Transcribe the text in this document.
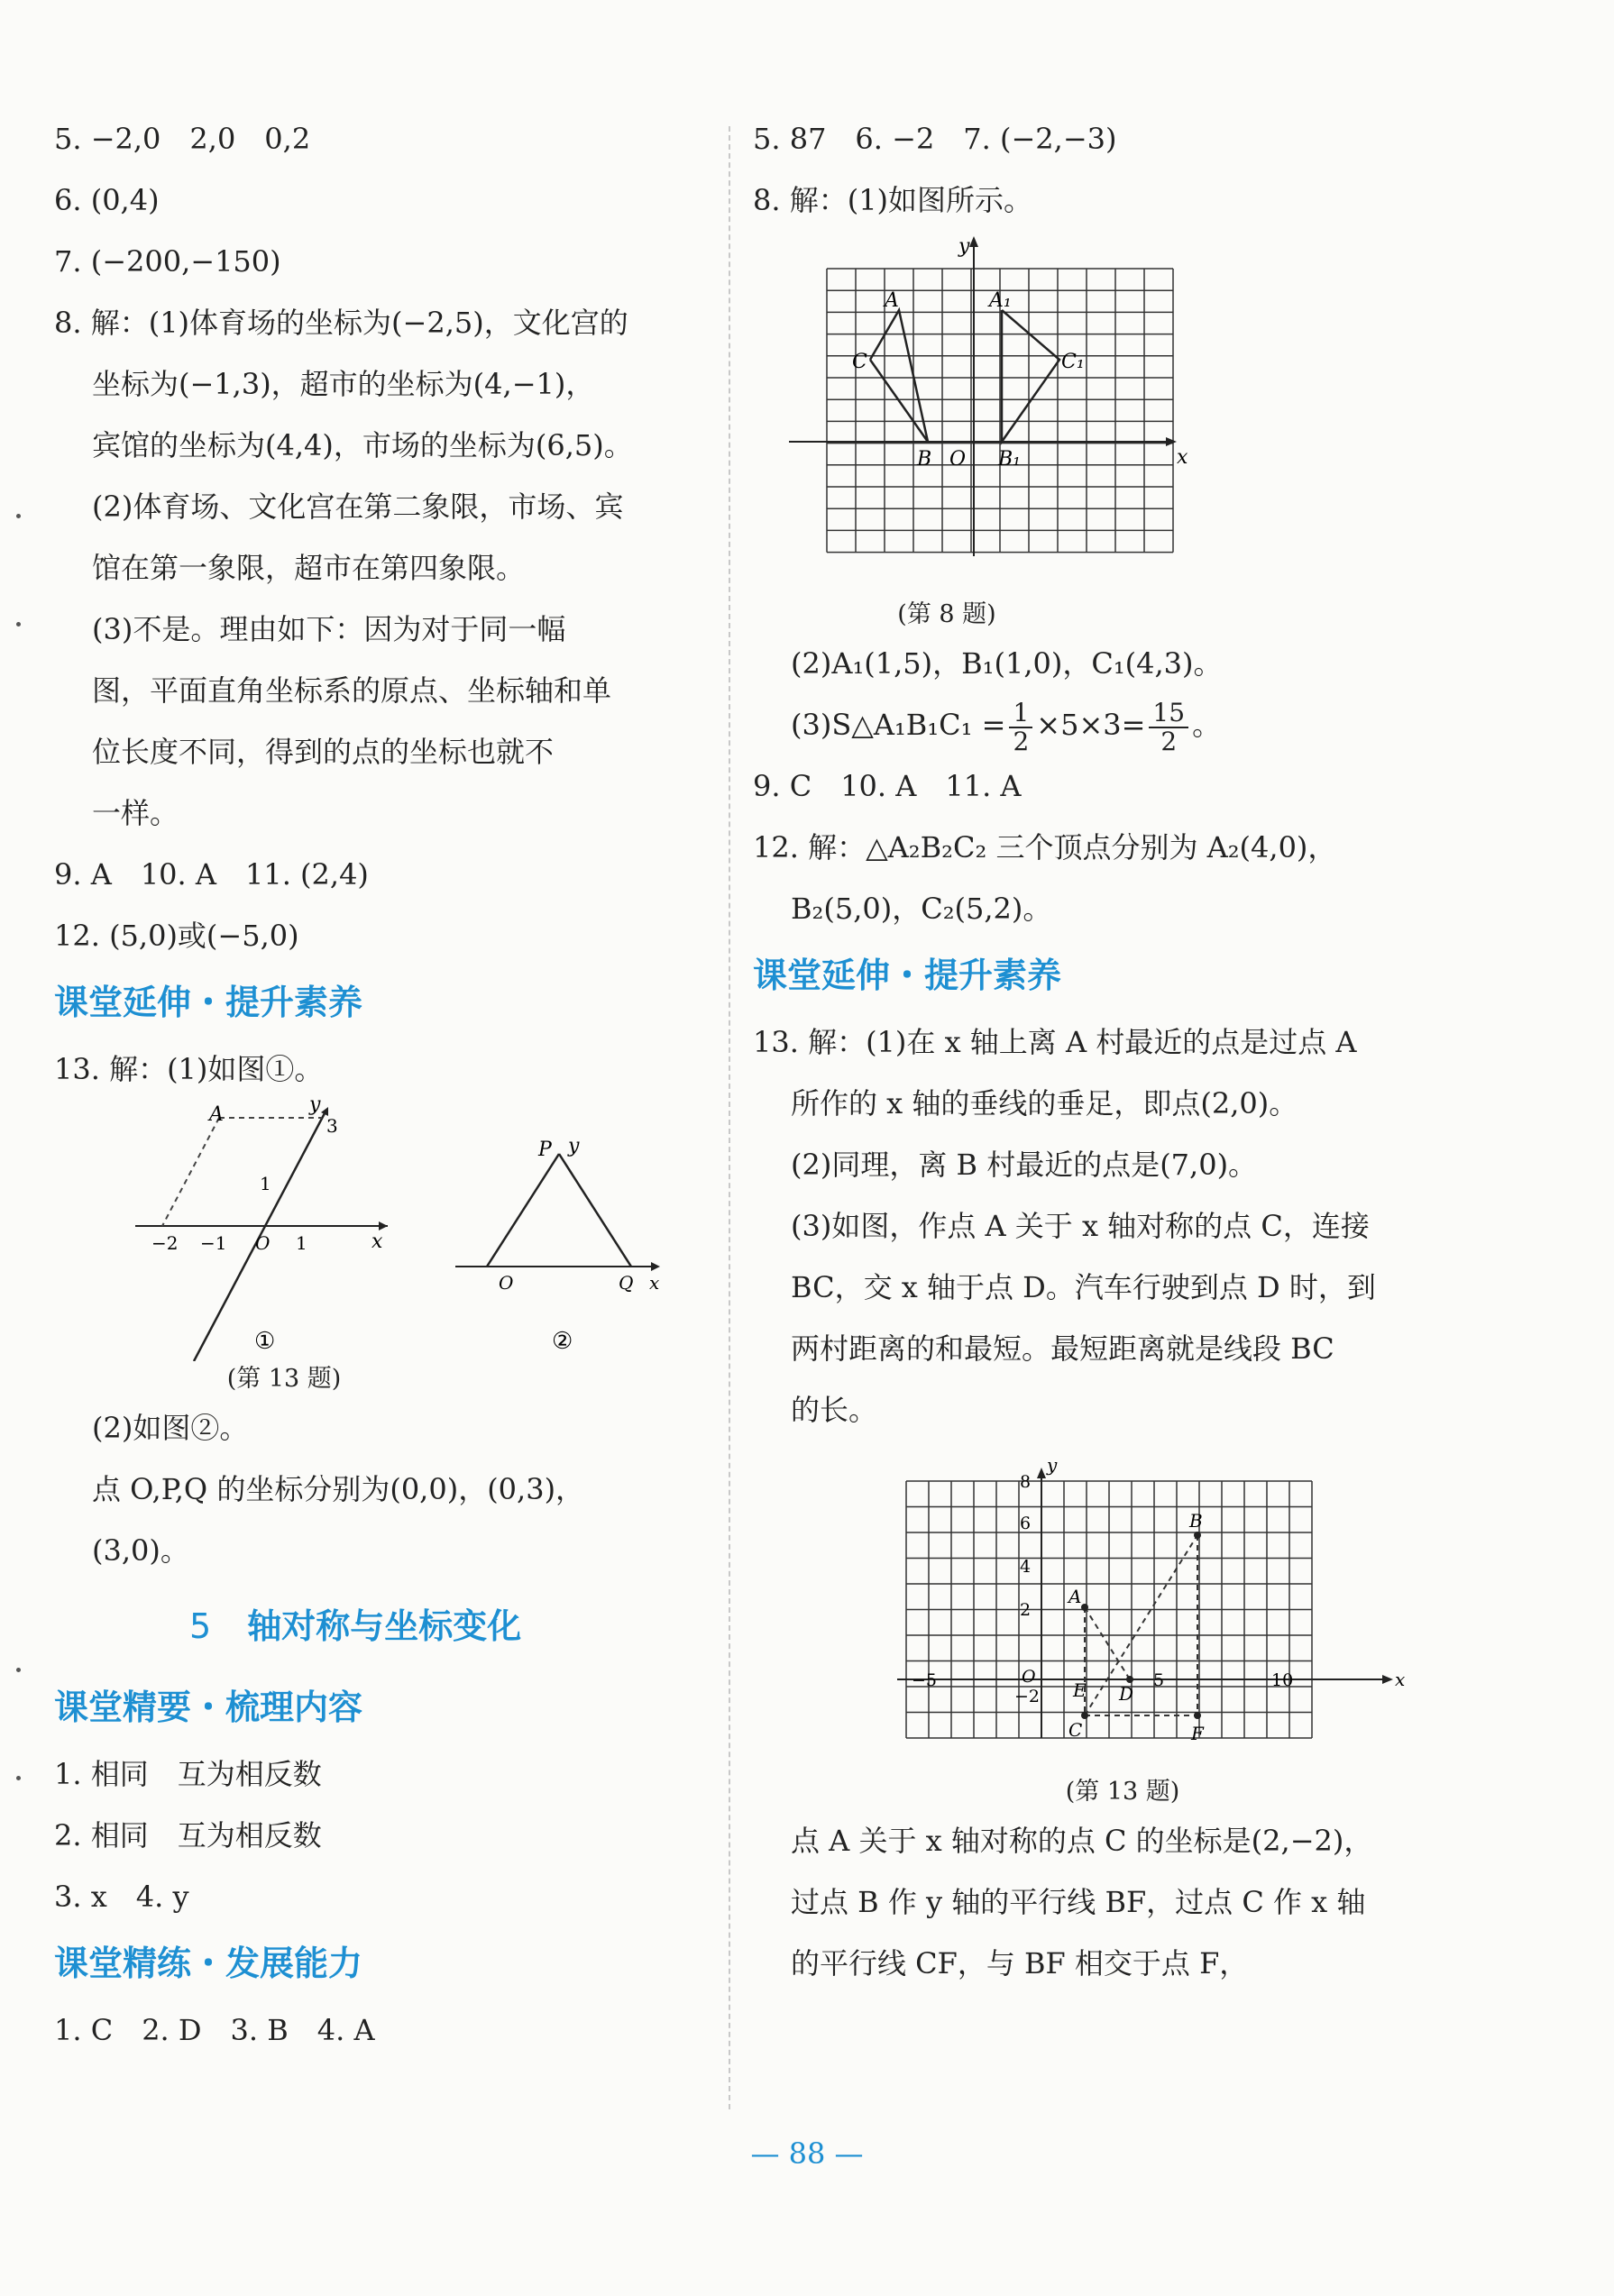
5. −2,0　2,0　0,2
6. (0,4)
7. (−200,−150)
8. 解：(1)体育场的坐标为(−2,5)，文化宫的
坐标为(−1,3)，超市的坐标为(4,−1)，
宾馆的坐标为(4,4)，市场的坐标为(6,5)。
(2)体育场、文化宫在第二象限，市场、宾
馆在第一象限，超市在第四象限。
(3)不是。理由如下：因为对于同一幅
图，平面直角坐标系的原点、坐标轴和单
位长度不同，得到的点的坐标也就不
一样。
9. A　10. A　11. (2,4)
12. (5,0)或(−5,0)
课堂延伸・提升素养
13. 解：(1)如图①。
A	y
3
1
−2 −1 O 1	x
①
P y
O	Q x
②
(第 13 题)
(2)如图②。
点 O,P,Q 的坐标分别为(0,0)，(0,3)，
(3,0)。
5 轴对称与坐标变化
课堂精要・梳理内容
1. 相同　互为相反数
2. 相同　互为相反数
3. x　4. y
课堂精练・发展能力
1. C　2. D　3. B　4. A
5. 87　6. −2　7. (−2,−3)
8. 解：(1)如图所示。
y
x
A	A₁
C	C₁
B O B₁
(第 8 题)
(2)A₁(1,5)，B₁(1,0)，C₁(4,3)。
(3)S△A₁B₁C₁ = $\frac{1}{2} \times 5\times 3= \frac{15}{2}$ 。
9. C　10. A　11. A
12. 解：△A₂B₂C₂ 三个顶点分别为 A₂(4,0)，
B₂(5,0)，C₂(5,2)。
课堂延伸・提升素养
13. 解：(1)在 x 轴上离 A 村最近的点是过点 A
所作的 x 轴的垂线的垂足，即点(2,0)。
(2)同理，离 B 村最近的点是(7,0)。
(3)如图，作点 A 关于 x 轴对称的点 C，连接
BC，交 x 轴于点 D。汽车行驶到点 D 时，到
两村距离的和最短。最短距离就是线段 BC
的长。
y
x
8
6
4
2
−2
−5	O	5	10
A
B
C
D
E
F
(第 13 题)
点 A 关于 x 轴对称的点 C 的坐标是(2,−2)，
过点 B 作 y 轴的平行线 BF，过点 C 作 x 轴
的平行线 CF，与 BF 相交于点 F，
— 88 —
